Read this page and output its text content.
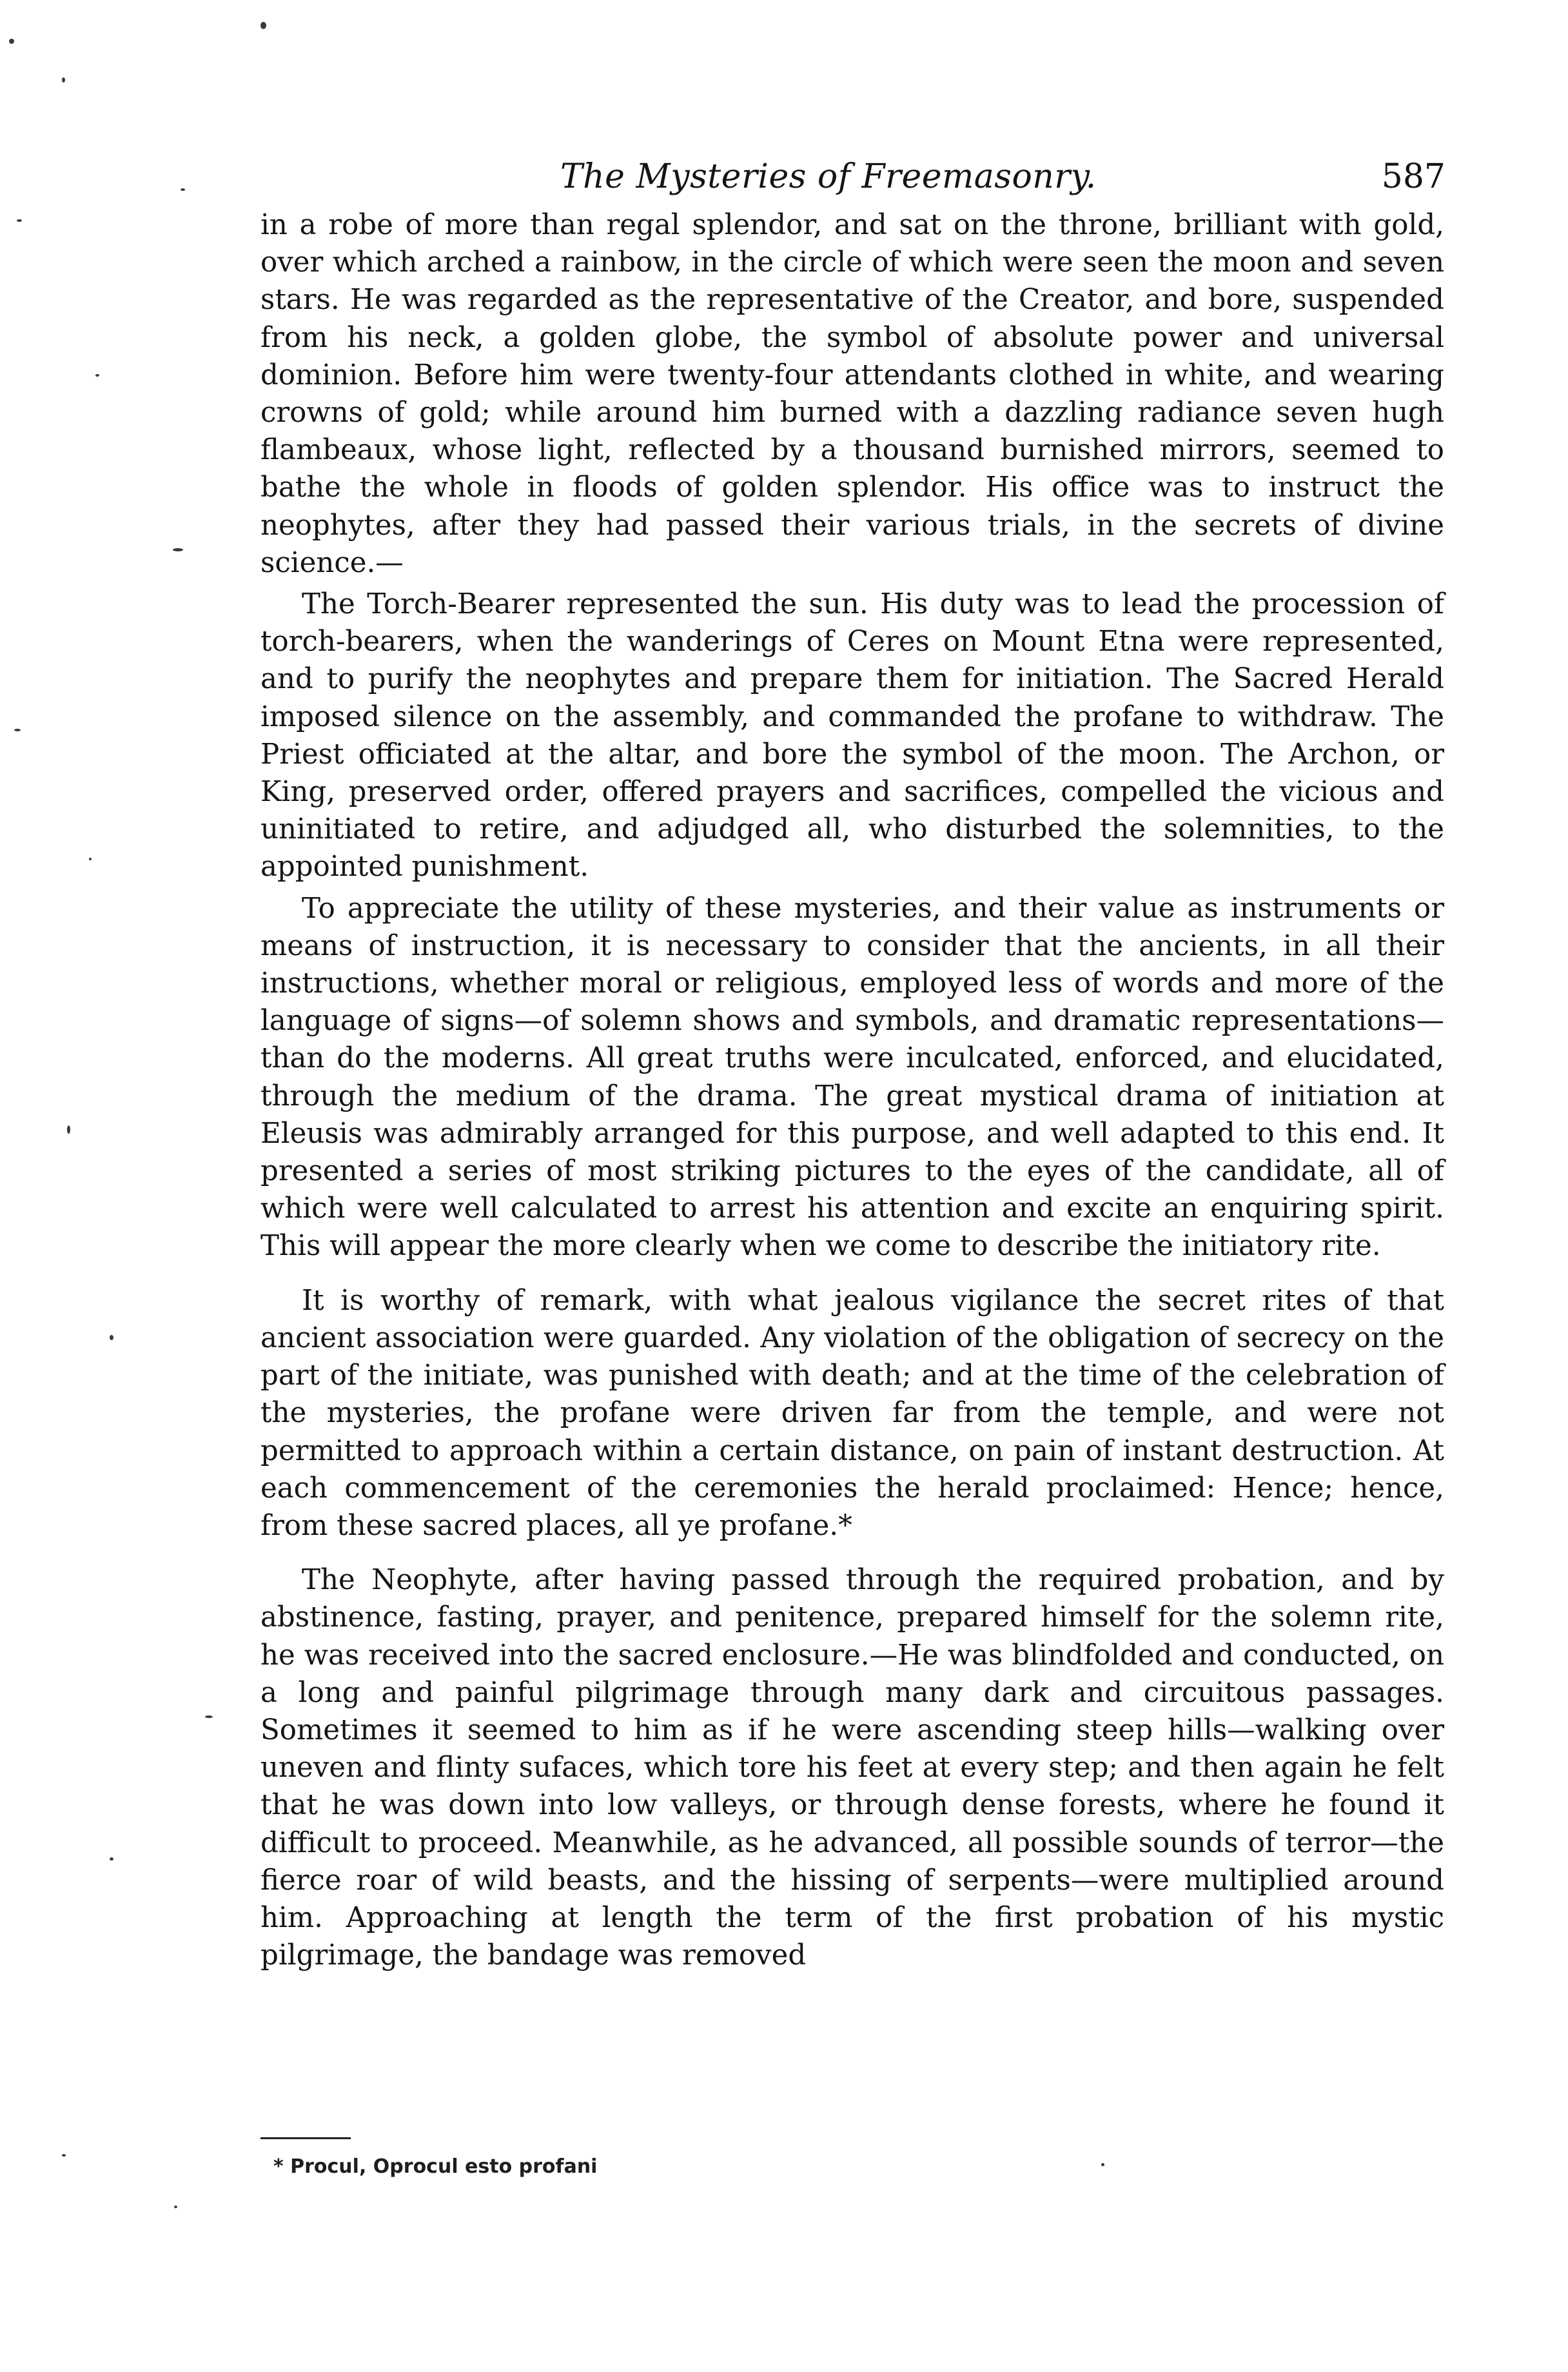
The Mysteries of Freemasonry.	587

in a robe of more than regal splendor, and sat on the throne, brilliant with gold, over which arched a rainbow, in the circle of which were seen the moon and seven stars. He was regarded as the representative of the Creator, and bore, suspended from his neck, a golden globe, the symbol of absolute power and universal dominion. Before him were twenty-four attendants clothed in white, and wearing crowns of gold; while around him burned with a dazzling radiance seven hugh flambeaux, whose light, reflected by a thousand burnished mirrors, seemed to bathe the whole in floods of golden splendor. His office was to instruct the neophytes, after they had passed their various trials, in the secrets of divine science.—

The Torch-Bearer represented the sun. His duty was to lead the procession of torch-bearers, when the wanderings of Ceres on Mount Etna were represented, and to purify the neophytes and prepare them for initiation. The Sacred Herald imposed silence on the assembly, and commanded the profane to withdraw. The Priest officiated at the altar, and bore the symbol of the moon. The Archon, or King, preserved order, offered prayers and sacrifices, compelled the vicious and uninitiated to retire, and adjudged all, who disturbed the solemnities, to the appointed punishment.

To appreciate the utility of these mysteries, and their value as instruments or means of instruction, it is necessary to consider that the ancients, in all their instructions, whether moral or religious, employed less of words and more of the language of signs—of solemn shows and symbols, and dramatic representations—than do the moderns. All great truths were inculcated, enforced, and elucidated, through the medium of the drama. The great mystical drama of initiation at Eleusis was admirably arranged for this purpose, and well adapted to this end. It presented a series of most striking pictures to the eyes of the candidate, all of which were well calculated to arrest his attention and excite an enquiring spirit. This will appear the more clearly when we come to describe the initiatory rite.

It is worthy of remark, with what jealous vigilance the secret rites of that ancient association were guarded. Any violation of the obligation of secrecy on the part of the initiate, was punished with death; and at the time of the celebration of the mysteries, the profane were driven far from the temple, and were not permitted to approach within a certain distance, on pain of instant destruction. At each commencement of the ceremonies the herald proclaimed: Hence; hence, from these sacred places, all ye profane.*

The Neophyte, after having passed through the required probation, and by abstinence, fasting, prayer, and penitence, prepared himself for the solemn rite, he was received into the sacred enclosure.—He was blindfolded and conducted, on a long and painful pilgrimage through many dark and circuitous passages. Sometimes it seemed to him as if he were ascending steep hills—walking over uneven and flinty sufaces, which tore his feet at every step; and then again he felt that he was down into low valleys, or through dense forests, where he found it difficult to proceed. Meanwhile, as he advanced, all possible sounds of terror—the fierce roar of wild beasts, and the hissing of serpents—were multiplied around him. Approaching at length the term of the first probation of his mystic pilgrimage, the bandage was removed

* Procul, Oprocul esto profani
